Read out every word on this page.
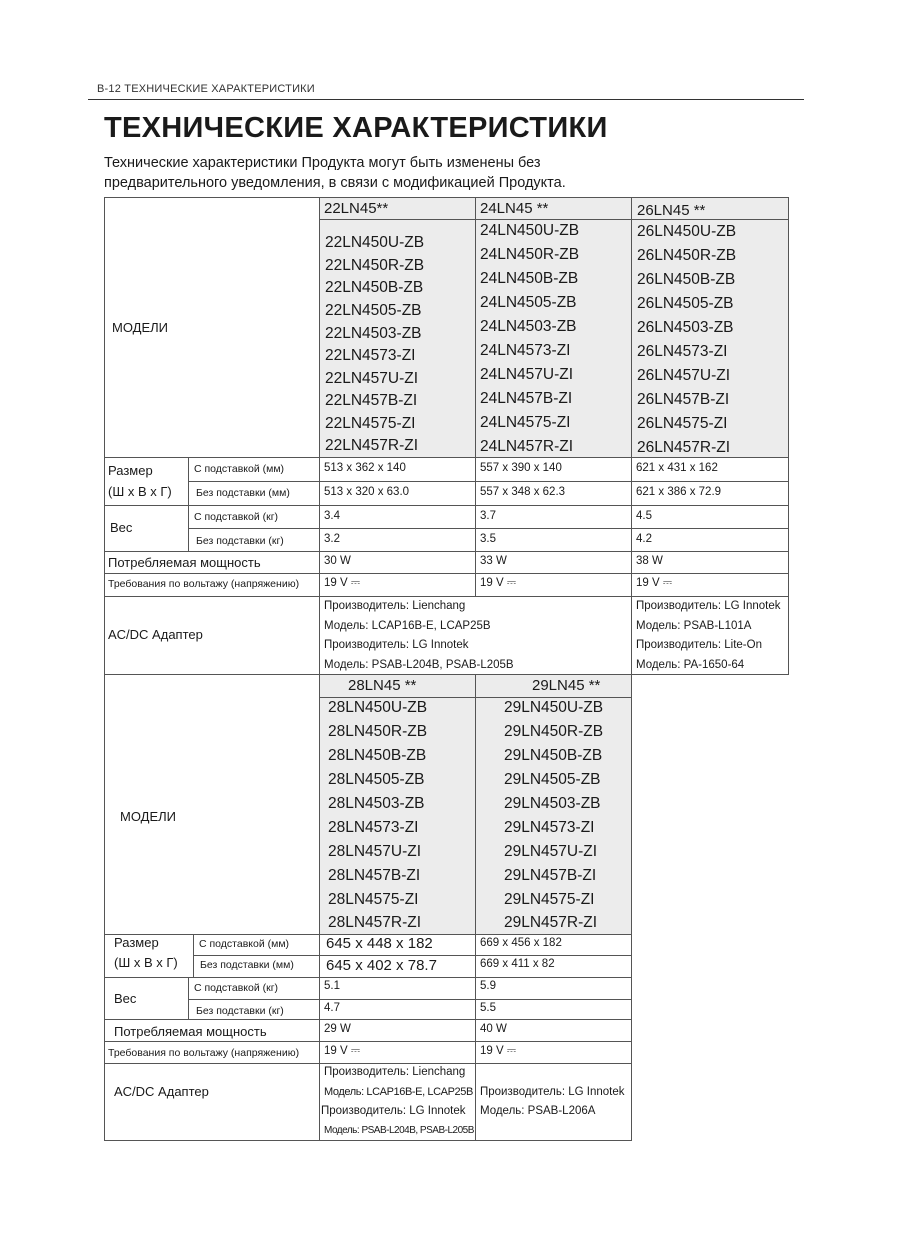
B-12 ТЕХНИЧЕСКИЕ ХАРАКТЕРИСТИКИ
ТЕХНИЧЕСКИЕ ХАРАКТЕРИСТИКИ
Технические характеристики Продукта могут быть изменены без
предварительного уведомления, в связи с модификацией Продукта.
МОДЕЛИ
Размер
(Ш x В x Г)
С подставкой (мм)
Без подставки (мм)
Вес
С подставкой (кг)
Без подставки (кг)
Потребляемая мощность
Требования по вольтажу (напряжению)
AC/DC Адаптер
22LN45**
22LN450U-ZB
22LN450R-ZB
22LN450B-ZB
22LN4505-ZB
22LN4503-ZB
22LN4573-ZI
22LN457U-ZI
22LN457B-ZI
22LN4575-ZI
22LN457R-ZI
513 x 362 x 140
513 x 320 x 63.0
3.4
3.2
30 W
19 V ⎓
24LN45 **
24LN450U-ZB
24LN450R-ZB
24LN450B-ZB
24LN4505-ZB
24LN4503-ZB
24LN4573-ZI
24LN457U-ZI
24LN457B-ZI
24LN4575-ZI
24LN457R-ZI
557 x 390 x 140
557 x 348 x 62.3
3.7
3.5
33 W
19 V ⎓
26LN45 **
26LN450U-ZB
26LN450R-ZB
26LN450B-ZB
26LN4505-ZB
26LN4503-ZB
26LN4573-ZI
26LN457U-ZI
26LN457B-ZI
26LN4575-ZI
26LN457R-ZI
621 x 431 x 162
621 x 386 x 72.9
4.5
4.2
38 W
19 V ⎓
Производитель: Lienchang
Модель: LCAP16B-E, LCAP25B
Производитель: LG Innotek
Модель: PSAB-L204B, PSAB-L205B
Производитель: LG Innotek
Модель: PSAB-L101A
Производитель: Lite-On
Модель: PA-1650-64
МОДЕЛИ
Размер
(Ш x В x Г)
С подставкой (мм)
Без подставки (мм)
Вес
С подставкой (кг)
Без подставки (кг)
Потребляемая мощность
Требования по вольтажу (напряжению)
AC/DC Адаптер
28LN45 **
28LN450U-ZB
28LN450R-ZB
28LN450B-ZB
28LN4505-ZB
28LN4503-ZB
28LN4573-ZI
28LN457U-ZI
28LN457B-ZI
28LN4575-ZI
28LN457R-ZI
645 x 448 x 182
645 x 402 x 78.7
5.1
4.7
29 W
19 V ⎓
29LN45 **
29LN450U-ZB
29LN450R-ZB
29LN450B-ZB
29LN4505-ZB
29LN4503-ZB
29LN4573-ZI
29LN457U-ZI
29LN457B-ZI
29LN4575-ZI
29LN457R-ZI
669 x 456 x 182
669 x 411 x 82
5.9
5.5
40 W
19 V ⎓
Производитель: Lienchang
Модель: LCAP16B-E, LCAP25B
Производитель: LG Innotek
Модель: PSAB-L204B, PSAB-L205B
Производитель: LG Innotek
Модель: PSAB-L206A
